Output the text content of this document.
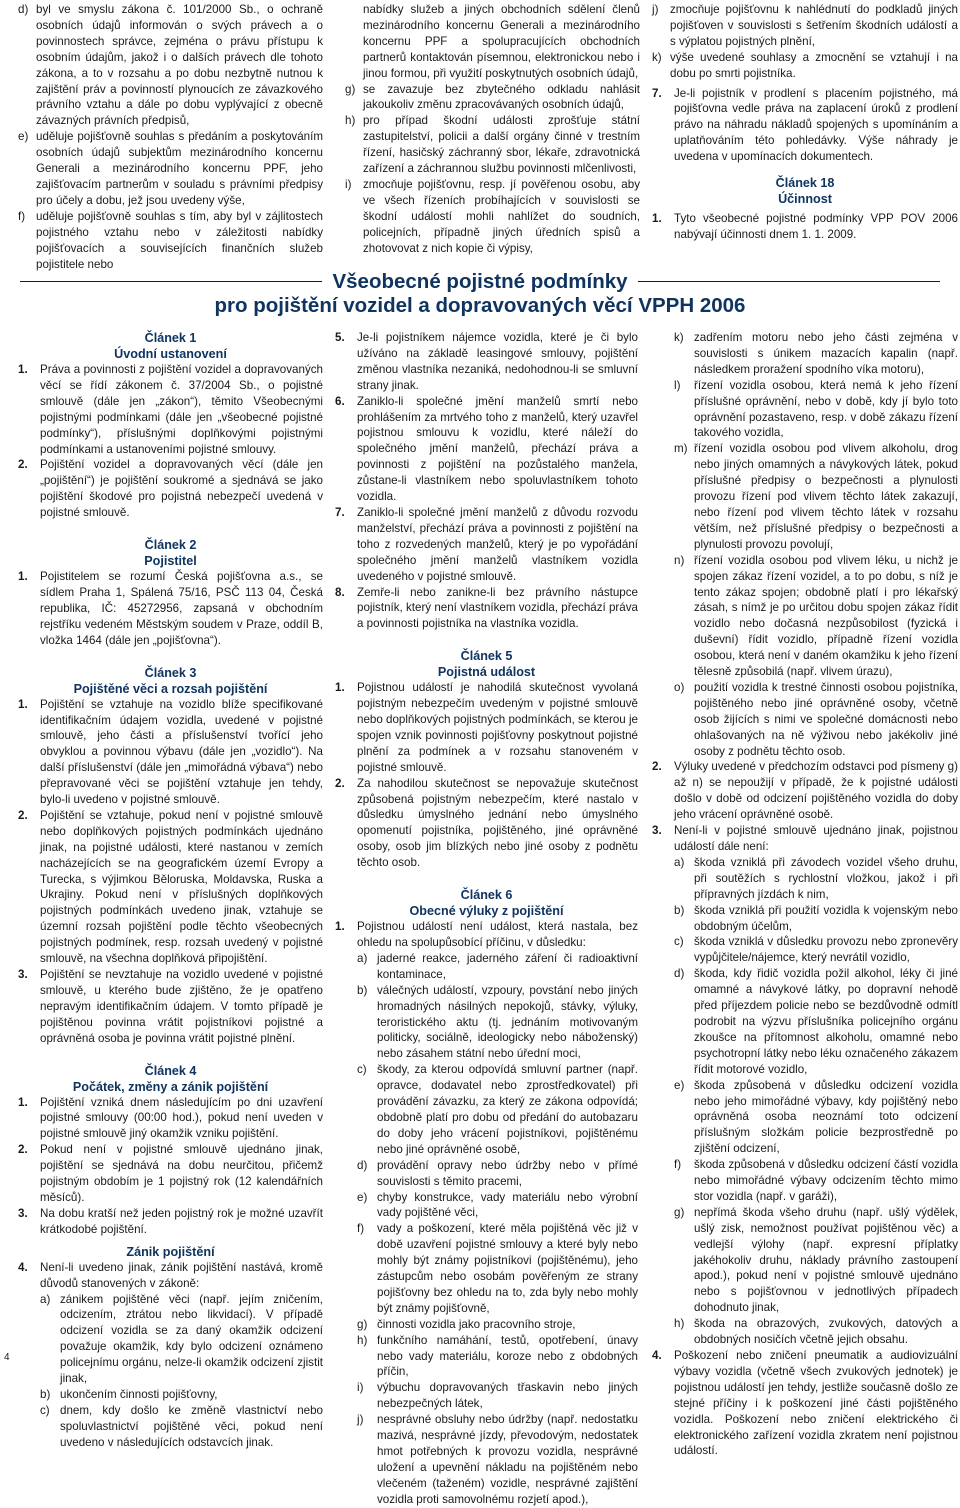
d) byl ve smyslu zákona č. 101/2000 Sb., o ochraně osobních údajů informován o svých právech a o povinnostech správce, zejména o právu přístupu k osobním údajům, jakož i o dalších právech dle tohoto zákona, a to v rozsahu a po dobu nezbytně nutnou k zajištění práv a povinností plynoucích ze závazkového právního vztahu a dále po dobu vyplývající z obecně závazných právních předpisů,
e) uděluje pojišťovně souhlas s předáním a poskytováním osobních údajů subjektům mezinárodního koncernu Generali a mezinárodního koncernu PPF, jeho zajišťovacím partnerům v souladu s právními předpisy pro účely a dobu, jež jsou uvedeny výše,
f) uděluje pojišťovně souhlas s tím, aby byl v zájlitostech pojistného vztahu nebo v záležitosti nabídky pojišťovacích a souvisejících finančních služeb pojistitele nebo
nabídky služeb a jiných obchodních sdělení členů mezinárodního koncernu Generali a mezinárodního koncernu PPF a spolupracujících obchodních partnerů kontaktován písemnou, elektronickou nebo i jinou formou, při využití poskytnutých osobních údajů,
g) se zavazuje bez zbytečného odkladu nahlásit jakoukoliv změnu zpracovávaných osobních údajů,
h) pro případ škodní události zprošťuje státní zastupitelství, policii a další orgány činné v trestním řízení, hasičský záchranný sbor, lékaře, zdravotnická zařízení a záchrannou službu povinnosti mlčenlivosti,
i) zmocňuje pojišťovnu, resp. jí pověřenou osobu, aby ve všech řízeních probíhajících v souvislosti se škodní událostí mohli nahlížet do soudních, policejních, případně jiných úředních spisů a zhotovovat z nich kopie či výpisy,
j) zmocňuje pojišťovnu k nahlédnutí do podkladů jiných pojišťoven v souvislosti s šetřením škodních událostí a s výplatou pojistných plnění,
k) výše uvedené souhlasy a zmocnění se vztahují i na dobu po smrti pojistníka.
7.	Je-li pojistník v prodlení s placením pojistného, má pojišťovna vedle práva na zaplacení úroků z prodlení právo na náhradu nákladů spojených s upomínáním a uplatňováním této pohledávky. Výše náhrady je uvedena v upomínacích dokumentech.

Článek 18

Účinnost

1.	Tyto všeobecné pojistné podmínky VPP POV 2006 nabývají účinnosti dnem 1. 1. 2009.
Všeobecné pojistné podmínky
pro pojištění vozidel a dopravovaných věcí VPPH 2006

Článek 1

Úvodní ustanovení

1.	Práva a povinnosti z pojištění vozidel a dopravovaných věcí se řídí zákonem č. 37/2004 Sb., o pojistné smlouvě (dále jen „zákon“), těmito Všeobecnými pojistnými podmínkami (dále jen „všeobecné pojistné podmínky“), příslušnými doplňkovými pojistnými podmínkami a ustanoveními pojistné smlouvy.
2.	Pojištění vozidel a dopravovaných věcí (dále jen „pojištění“) je pojištění soukromé a sjednává se jako pojištění škodové pro pojistná nebezpečí uvedená v pojistné smlouvě.

Článek 2

Pojistitel

1.	Pojistitelem se rozumí Česká pojišťovna a.s., se sídlem Praha 1, Spálená 75/16, PSČ 113 04, Česká republika, IČ: 45272956, zapsaná v obchodním rejstříku vedeném Městským soudem v Praze, oddíl B, vložka 1464 (dále jen „pojišťovna“).

Článek 3

Pojištěné věci a rozsah pojištění

1.	Pojištění se vztahuje na vozidlo blíže specifikované identifikačním údajem vozidla, uvedené v pojistné smlouvě, jeho části a příslušenství tvořící jeho obvyklou a povinnou výbavu (dále jen „vozidlo“). Na další příslušenství (dále jen „mimořádná výbava“) nebo přepravované věci se pojištění vztahuje jen tehdy, bylo-li uvedeno v pojistné smlouvě.
2.	Pojištění se vztahuje, pokud není v pojistné smlouvě nebo doplňkových pojistných podmínkách ujednáno jinak, na pojistné události, které nastanou v zemích nacházejících se na geografickém území Evropy a Turecka, s výjimkou Běloruska, Moldavska, Ruska a Ukrajiny. Pokud není v příslušných doplňkových pojistných podmínkách uvedeno jinak, vztahuje se územní rozsah pojištění podle těchto všeobecných pojistných podmínek, resp. rozsah uvedený v pojistné smlouvě, na všechna doplňková připojištění.
3.	Pojištění se nevztahuje na vozidlo uvedené v pojistné smlouvě, u kterého bude zjištěno, že je opatřeno nepravým identifikačním údajem. V tomto případě je pojištěnou povinna vrátit pojistníkovi pojistné a oprávněná osoba je povinna vrátit pojistné plnění.

Článek 4

Počátek, změny a zánik pojištění

1.	Pojištění vzniká dnem následujícím po dni uzavření pojistné smlouvy (00:00 hod.), pokud není uveden v pojistné smlouvě jiný okamžik vzniku pojištění.
2.	Pokud není v pojistné smlouvě ujednáno jinak, pojištění se sjednává na dobu neurčitou, přičemž pojistným obdobím je 1 pojistný rok (12 kalendářních měsíců).
3.	Na dobu kratší než jeden pojistný rok je možné uzavřít krátkodobé pojištění.

Zánik pojištění

4.	Není-li uvedeno jinak, zánik pojištění nastává, kromě důvodů stanovených v zákoně:
a) zánikem pojištěné věci (např. jejím zničením, odcizením, ztrátou nebo likvidací). V případě odcizení vozidla se za daný okamžik odcizení považuje okamžik, kdy bylo odcizení oznámeno policejnímu orgánu, nelze-li okamžik odcizení zjistit jinak,
b) ukončením činnosti pojišťovny,
c) dnem, kdy došlo ke změně vlastnictví nebo spoluvlastnictví pojištěné věci, pokud není uvedeno v následujících odstavcích jinak.
5.	Je-li pojistníkem nájemce vozidla, které je či bylo užíváno na základě leasingové smlouvy, pojištění změnou vlastníka nezaniká, nedohodnou-li se smluvní strany jinak.
6.	Zaniklo-li společné jmění manželů smrtí nebo prohlášením za mrtvého toho z manželů, který uzavřel pojistnou smlouvu k vozidlu, které náleží do společného jmění manželů, přechází práva a povinnosti z pojištění na pozůstalého manžela, zůstane-li vlastníkem nebo spoluvlastníkem tohoto vozidla.
7.	Zaniklo-li společné jmění manželů z důvodu rozvodu manželství, přechází práva a povinnosti z pojištění na toho z rozvedených manželů, který je po vypořádání společného jmění manželů vlastníkem vozidla uvedeného v pojistné smlouvě.
8.	Zemře-li nebo zanikne-li bez právního nástupce pojistník, který není vlastníkem vozidla, přechází práva a povinnosti pojistníka na vlastníka vozidla.

Článek 5

Pojistná událost

1.	Pojistnou událostí je nahodilá skutečnost vyvolaná pojistným nebezpečím uvedeným v pojistné smlouvě nebo doplňkových pojistných podmínkách, se kterou je spojen vznik povinnosti pojišťovny poskytnout pojistné plnění za podmínek a v rozsahu stanoveném v pojistné smlouvě.
2.	Za nahodilou skutečnost se nepovažuje skutečnost způsobená pojistným nebezpečím, které nastalo v důsledku úmyslného jednání nebo úmyslného opomenutí pojistníka, pojištěného, jiné oprávněné osoby, osob jim blízkých nebo jiné osoby z podnětu těchto osob.

Článek 6

Obecné výluky z pojištění

1.	Pojistnou událostí není událost, která nastala, bez ohledu na spolupůsobící příčinu, v důsledku:
a) jaderné reakce, jaderného záření či radioaktivní kontaminace,
b) válečných událostí, vzpoury, povstání nebo jiných hromadných násilných nepokojů, stávky, výluky, teroristického aktu (tj. jednáním motivovaným politicky, sociálně, ideologicky nebo náboženský) nebo zásahem státní nebo úřední moci,
c) škody, za kterou odpovídá smluvní partner (např. opravce, dodavatel nebo zprostředkovatel) při provádění závazku, za který ze zákona odpovídá; obdobně platí pro dobu od předání do autobazaru do doby jeho vrácení pojistníkovi, pojištěnému nebo jiné oprávněné osobě,
d) provádění opravy nebo údržby nebo v přímé souvislosti s těmito pracemi,
e) chyby konstrukce, vady materiálu nebo výrobní vady pojištěné věci,
f)	vady a poškození, které měla pojištěná věc již v době uzavření pojistné smlouvy a které byly nebo mohly být známy pojistníkovi (pojištěnému), jeho zástupcům nebo osobám pověřeným ze strany pojišťovny bez ohledu na to, zda byly nebo mohly být známy pojišťovně,
g) činnosti vozidla jako pracovního stroje,
h) funkčního namáhání, testů, opotřebení, únavy nebo vady materiálu, koroze nebo z obdobných příčin,
i)	výbuchu dopravovaných třaskavin nebo jiných nebezpečných látek,
j)	nesprávné obsluhy nebo údržby (např. nedostatku mazivá, nesprávné jízdy, převodovým, nedostatek hmot potřebných k provozu vozidla, nesprávné uložení a upevnění nákladu na pojištěném nebo vlečeném (taženém) vozidle, nesprávné zajištění vozidla proti samovolnému rozjetí apod.),
k) zadřením motoru nebo jeho části zejména v souvislosti s únikem mazacích kapalin (např. následkem proražení spodního víka motoru),
l)	řízení vozidla osobou, která nemá k jeho řízení příslušné oprávnění, nebo v době, kdy jí bylo toto oprávnění pozastaveno, resp. v době zákazu řízení takového vozidla,
m) řízení vozidla osobou pod vlivem alkoholu, drog nebo jiných omamných a návykových látek, pokud příslušné předpisy o bezpečnosti a plynulosti provozu řízení pod vlivem těchto látek zakazují, nebo řízení pod vlivem těchto látek v rozsahu větším, než příslušné předpisy o bezpečnosti a plynulosti provozu povolují,
n) řízení vozidla osobou pod vlivem léku, u nichž je spojen zákaz řízení vozidel, a to po dobu, s níž je tento zákaz spojen; obdobně platí i pro lékařský zásah, s nímž je po určitou dobu spojen zákaz řídit vozidlo nebo dočasná nezpůsobilost (fyzická i duševní) řídit vozidlo, případně řízení vozidla osobou, která není v daném okamžiku k jeho řízení tělesně způsobilá (např. vlivem úrazu),
o) použití vozidla k trestné činnosti osobou pojistníka, pojištěného nebo jiné oprávněné osoby, včetně osob žijících s nimi ve společné domácnosti nebo ohlašovaných na ně výživou nebo jakékoliv jiné osoby z podnětu těchto osob.
2.	Výluky uvedené v předchozím odstavci pod písmeny g) až n) se nepoužijí v případě, že k pojistné události došlo v době od odcizení pojištěného vozidla do doby jeho vrácení oprávněné osobě.
3.	Není-li v pojistné smlouvě ujednáno jinak, pojistnou událostí dále není:
a) škoda vzniklá při závodech vozidel všeho druhu, při soutěžích s rychlostní vložkou, jakož i při přípravných jízdách k nim,
b) škoda vzniklá při použití vozidla k vojenským nebo obdobným účelům,
c) škoda vzniklá v důsledku provozu nebo zpronevěry vypůjčitele/nájemce, který nevrátil vozidlo,
d) škoda, kdy řidič vozidla požil alkohol, léky či jiné omamné a návykové látky, po dopravní nehodě před příjezdem policie nebo se bezdůvodně odmítl podrobit na výzvu příslušníka policejního orgánu zkoušce na přítomnost alkoholu, omamné nebo psychotropní látky nebo léku označeného zákazem řídit motorové vozidlo,
e) škoda způsobená v důsledku odcizení vozidla nebo jeho mimořádné výbavy, kdy pojištěný nebo oprávněná osoba neoznámí toto odcizení příslušným složkám policie bezprostředně po zjištění odcizení,
f)	škoda způsobená v důsledku odcizení částí vozidla nebo mimořádné výbavy odcizením těchto mimo stor vozidla (např. v garáži),
g) nepřímá škoda všeho druhu (např. ušlý výdělek, ušlý zisk, nemožnost používat pojištěnou věc) a vedlejší výlohy (např. expresní příplatky jakéhokoliv druhu, náklady právního zastoupení apod.), pokud není v pojistné smlouvě ujednáno nebo s pojišťovnou v jednotlivých případech dohodnuto jinak,
h) škoda na obrazových, zvukových, datových a obdobných nosičích včetně jejich obsahu.
4.	Poškození nebo zničení pneumatik a audiovizuální výbavy vozidla (včetně všech zvukových jednotek) je pojistnou událostí jen tehdy, jestliže současně došlo ze stejné příčiny i k poškození jiné části pojištěného vozidla. Poškození nebo zničení elektrického či elektronického zařízení vozidla zkratem není pojistnou událostí.
4
